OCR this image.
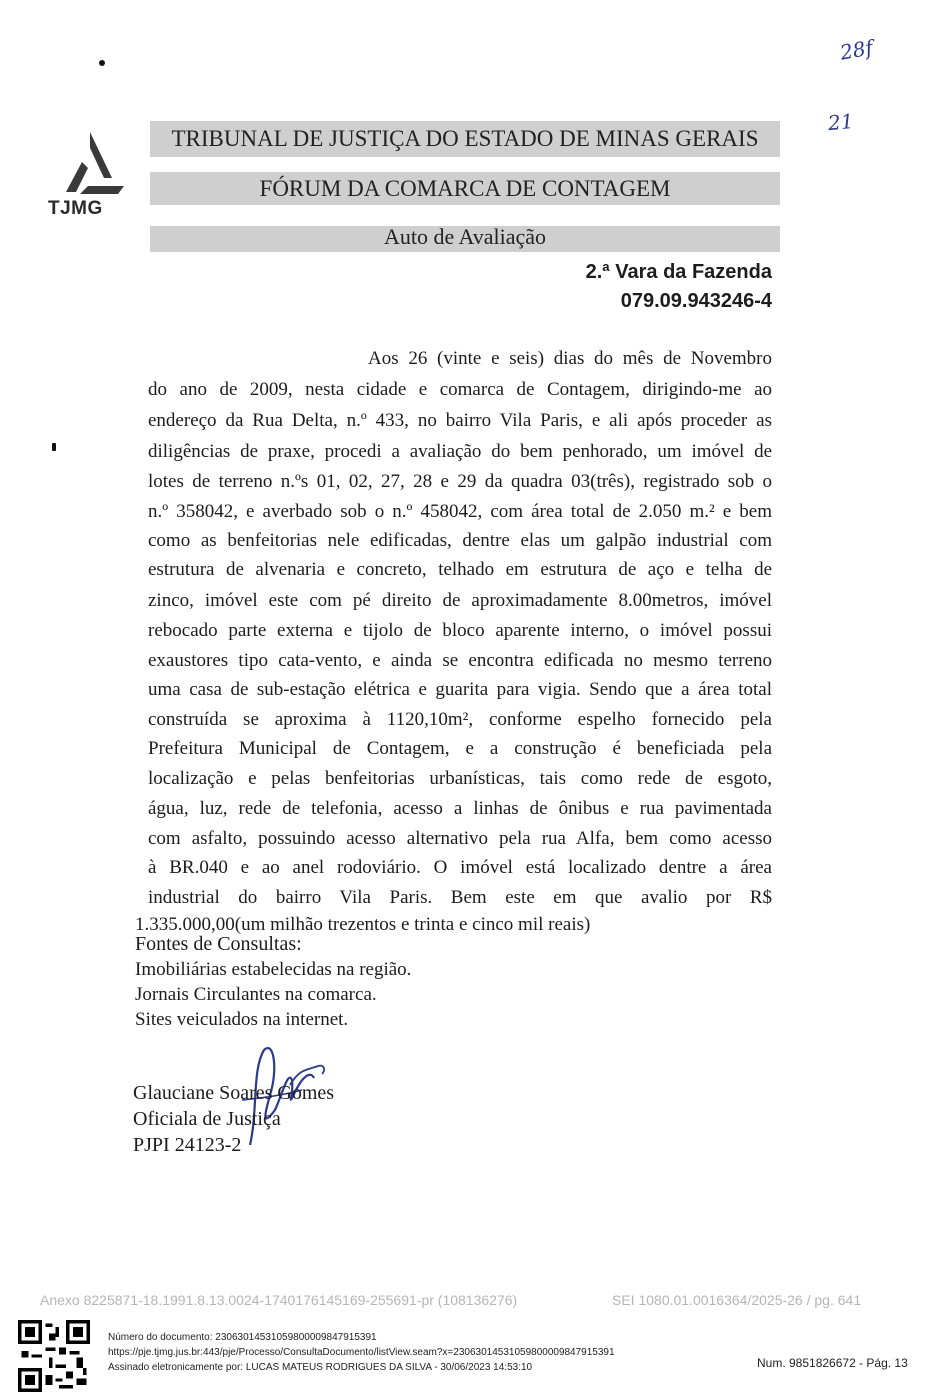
28f
21
TJMG
TRIBUNAL DE JUSTIÇA DO ESTADO DE MINAS GERAIS
FÓRUM DA COMARCA DE CONTAGEM
Auto de Avaliação
2.ª Vara da Fazenda
079.09.943246-4
Aos 26 (vinte e seis) dias do mês de Novembro
do ano de 2009, nesta cidade e comarca de Contagem, dirigindo-me ao
endereço da Rua Delta, n.º 433, no bairro Vila Paris, e ali após proceder as
diligências de praxe, procedi a avaliação do bem penhorado, um imóvel de
lotes de terreno n.ºs 01, 02, 27, 28 e 29 da quadra 03(três), registrado sob o
n.º 358042, e averbado sob o n.º 458042, com área total de 2.050 m.² e bem
como as benfeitorias nele edificadas, dentre elas um galpão industrial com
estrutura de alvenaria e concreto, telhado em estrutura de aço e telha de
zinco, imóvel este com pé direito de aproximadamente 8.00metros, imóvel
rebocado parte externa e tijolo de bloco aparente interno, o imóvel possui
exaustores tipo cata-vento, e ainda se encontra edificada no mesmo terreno
uma casa de sub-estação elétrica e guarita para vigia. Sendo que a área total
construída se aproxima à 1120,10m², conforme espelho fornecido pela
Prefeitura Municipal de Contagem, e a construção é beneficiada pela
localização e pelas benfeitorias urbanísticas, tais como rede de esgoto,
água, luz, rede de telefonia, acesso a linhas de ônibus e rua pavimentada
com asfalto, possuindo acesso alternativo pela rua Alfa, bem como acesso
à BR.040 e ao anel rodoviário. O imóvel está localizado dentre a área
industrial do bairro Vila Paris. Bem este em que avalio por R$
1.335.000,00(um milhão trezentos e trinta e cinco mil reais)
Fontes de Consultas:
Imobiliárias estabelecidas na região.
Jornais Circulantes na comarca.
Sites veiculados na internet.
Glauciane Soares Gomes
Oficiala de Justiça
PJPI 24123-2
Anexo 8225871-18.1991.8.13.0024-1740176145169-255691-pr (108136276)	SEI 1080.01.0016364/2025-26 / pg. 641
Número do documento: 23063014531059800009847915391
https://pje.tjmg.jus.br:443/pje/Processo/ConsultaDocumento/listView.seam?x=23063014531059800009847915391
Assinado eletronicamente por: LUCAS MATEUS RODRIGUES DA SILVA - 30/06/2023 14:53:10	Num. 9851826672 - Pág. 13
